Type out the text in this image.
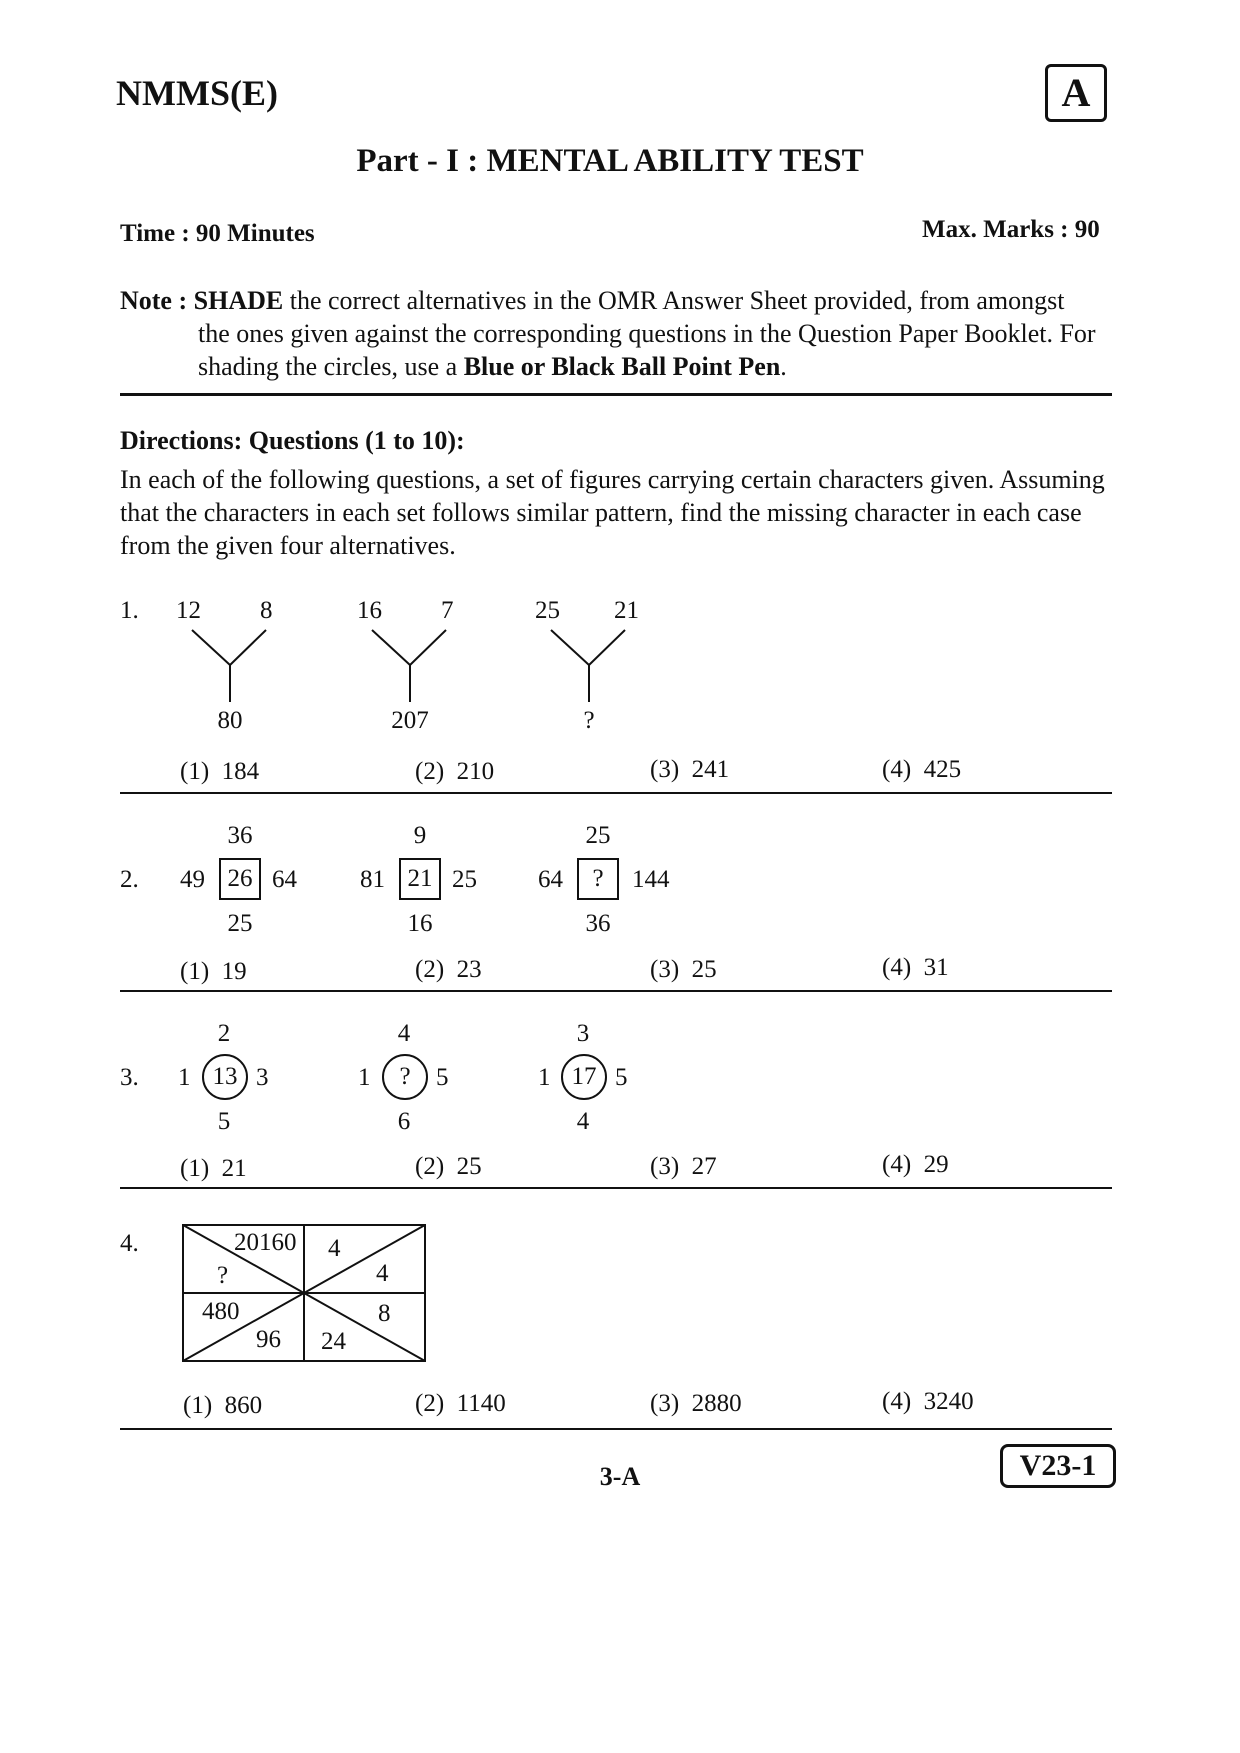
NMMS(E)	A
Part - I : MENTAL ABILITY TEST
Time : 90 Minutes	Max. Marks : 90
Note : SHADE the correct alternatives in the OMR Answer Sheet provided, from amongst
the ones given against the corresponding questions in the Question Paper Booklet. For
shading the circles, use a Blue or Black Ball Point Pen.
Directions: Questions (1 to 10):
In each of the following questions, a set of figures carrying certain characters given. Assuming
that the characters in each set follows similar pattern, find the missing character in each case
from the given four alternatives.
1. 12 8
80
16 7
207
25 21
?
(1) 184	(2) 210	(3) 241	(4) 425
2.
36
49 26 64
25
9
81 21 25
16
25
64	?	144
36
(1) 19	(2) 23	(3) 25	(4) 31
3.
2
1 13 3
5
4
1	?	5
6
3
1 17 5
4
(1) 21	(2) 25	(3) 27	(4) 29
4.	20160
?
4
4
480
96
8
24
(1) 860	(2) 1140	(3) 2880	(4) 3240
3-A	V23-1
